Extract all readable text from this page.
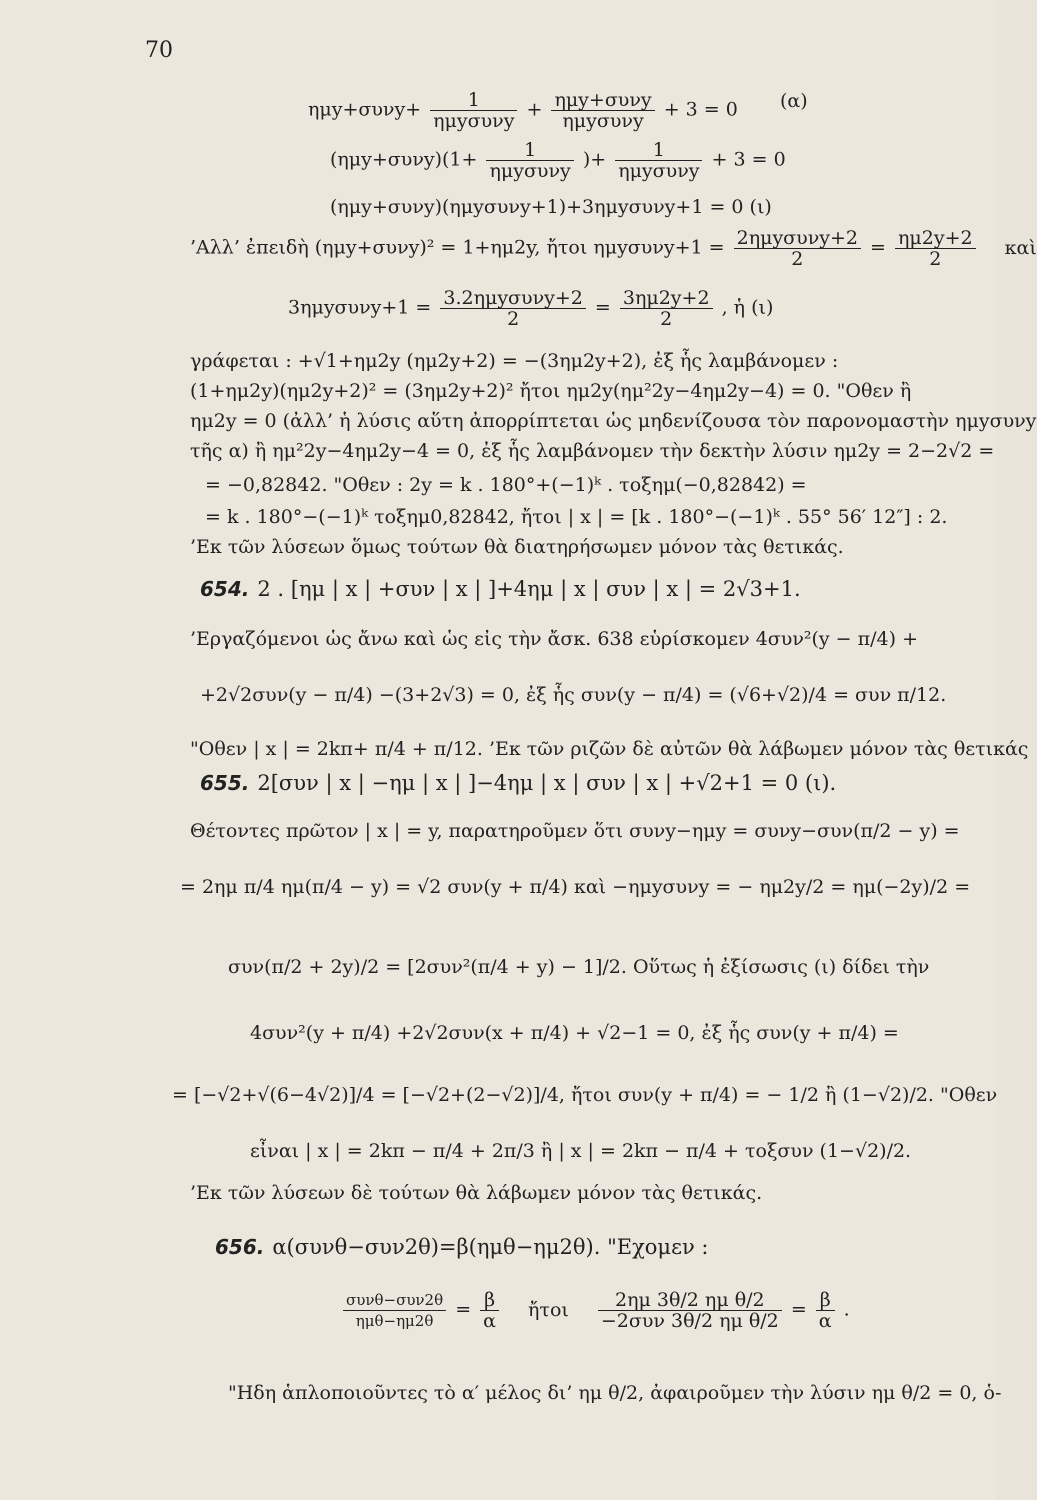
70
ημy+συνy+	1
ημyσυνy
+ ημy+συνy
ημyσυνy
+ 3 = 0 (α)
(ημy+συνy)(1+	1
ημyσυνy
)+	1
ημyσυνy
+ 3 = 0
(ημy+συνy)(ημyσυνy+1)+3ημyσυνy+1 = 0 (ι)
’Αλλ’ ἐπειδὴ (ημy+συνy)² = 1+ημ2y, ἤτοι ημyσυνy+1 = 2ημyσυνy+2
2
= $\frac{\eta\mu 2y+2}{2}$ καὶ
3ημyσυνy+1 = 3.2ημyσυνy+2
2
= $\frac{3\eta\mu 2y+2}{2}$ , ἡ (ι)
γράφεται : +√1+ημ2y (ημ2y+2) = −(3ημ2y+2), ἐξ ἧς λαμβάνομεν :
(1+ημ2y)(ημ2y+2)² = (3ημ2y+2)² ἤτοι ημ2y(ημ²2y−4ημ2y−4) = 0. "Οθεν ἢ
ημ2y = 0 (ἀλλ’ ἡ λύσις αὕτη ἀπορρίπτεται ὡς μηδενίζουσα τὸν παρονομαστὴν ημyσυνy
τῆς α) ἢ ημ²2y−4ημ2y−4 = 0, ἐξ ἧς λαμβάνομεν τὴν δεκτὴν λύσιν ημ2y = 2−2√2 =
= −0,82842. "Οθεν : 2y = k . 180°+(−1)ᵏ . τοξημ(−0,82842) =
= k . 180°−(−1)ᵏ τοξημ0,82842, ἤτοι | x | = [k . 180°−(−1)ᵏ . 55° 56′ 12″] : 2.
’Εκ τῶν λύσεων ὅμως τούτων θὰ διατηρήσωμεν μόνον τὰς θετικάς.
654. 2 . [ημ | x | +συν | x | ]+4ημ | x | συν | x | = 2√3+1.
’Εργαζόμενοι ὡς ἄνω καὶ ὡς εἰς τὴν ἄσκ. 638 εὑρίσκομεν 4συν²(y − π/4) +
+2√2συν(y − π/4) −(3+2√3) = 0, ἐξ ἧς συν(y − π/4) = (√6+√2)/4 = συν π/12.
"Οθεν | x | = 2kπ+ π/4 + π/12. ’Εκ τῶν ριζῶν δὲ αὐτῶν θὰ λάβωμεν μόνον τὰς θετικάς
655. 2[συν | x | −ημ | x | ]−4ημ | x | συν | x | +√2+1 = 0 (ι).
Θέτοντες πρῶτον | x | = y, παρατηροῦμεν ὅτι συνy−ημy = συνy−συν(π/2 − y) =
= 2ημ π/4 ημ(π/4 − y) = √2 συν(y + π/4) καὶ −ημyσυνy = − ημ2y/2 = ημ(−2y)/2 =
συν(π/2 + 2y)/2 = [2συν²(π/4 + y) − 1]/2. Οὕτως ἡ ἐξίσωσις (ι) δίδει τὴν
4συν²(y + π/4) +2√2συν(x + π/4) + √2−1 = 0, ἐξ ἧς συν(y + π/4) =
= [−√2+√(6−4√2)]/4 = [−√2+(2−√2)]/4, ἤτοι συν(y + π/4) = − 1/2 ἢ (1−√2)/2. "Οθεν
εἶναι | x | = 2kπ − π/4 + 2π/3 ἢ | x | = 2kπ − π/4 + τοξσυν (1−√2)/2.
’Εκ τῶν λύσεων δὲ τούτων θὰ λάβωμεν μόνον τὰς θετικάς.
656. α(συνθ−συν2θ)=β(ημθ−ημ2θ). "Εχομεν :
συνθ−συν2θ
ημθ−ημ2θ
= $\frac{\beta}{\alpha}$ ἤτοι	2ημ 3θ/2 ημ θ/2
−2συν 3θ/2 ημ θ/2
= $\frac{\beta}{\alpha}$ .
"Ηδη ἁπλοποιοῦντες τὸ α′ μέλος δι’ ημ θ/2, ἀφαιροῦμεν τὴν λύσιν ημ θ/2 = 0, ὁ-
